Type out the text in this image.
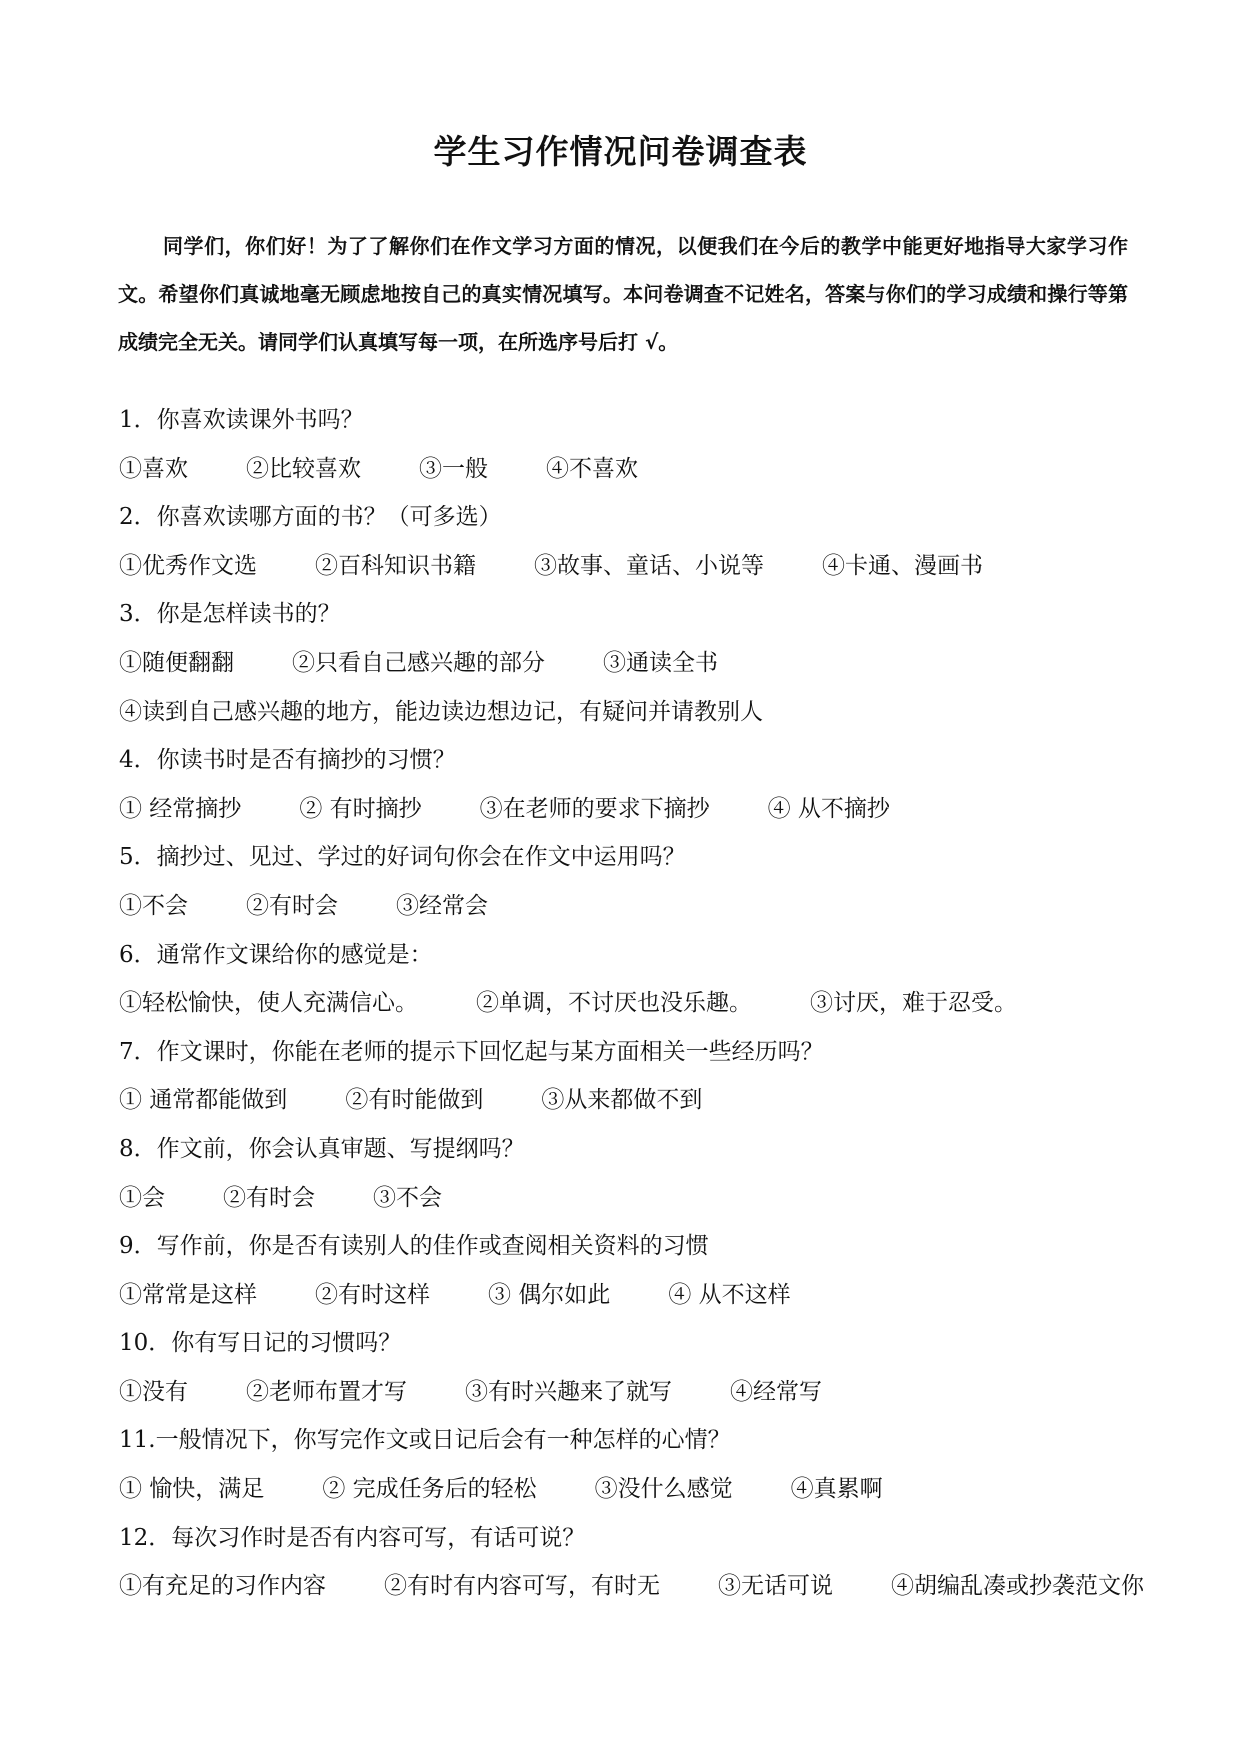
学生习作情况问卷调查表
同学们，你们好！为了了解你们在作文学习方面的情况，以便我们在今后的教学中能更好地指导大家学习作文。希望你们真诚地毫无顾虑地按自己的真实情况填写。本问卷调查不记姓名，答案与你们的学习成绩和操行等第成绩完全无关。请同学们认真填写每一项，在所选序号后打 √。
1．你喜欢读课外书吗？
①喜欢	②比较喜欢	③一般	④不喜欢
2．你喜欢读哪方面的书？（可多选）
①优秀作文选	②百科知识书籍	③故事、童话、小说等	④卡通、漫画书
3．你是怎样读书的？
①随便翻翻	②只看自己感兴趣的部分	③通读全书
④读到自己感兴趣的地方，能边读边想边记，有疑问并请教别人
4．你读书时是否有摘抄的习惯？
① 经常摘抄	② 有时摘抄	③在老师的要求下摘抄	④ 从不摘抄
5．摘抄过、见过、学过的好词句你会在作文中运用吗？
①不会	②有时会	③经常会
6．通常作文课给你的感觉是：
①轻松愉快，使人充满信心。	②单调，不讨厌也没乐趣。	③讨厌，难于忍受。
7．作文课时，你能在老师的提示下回忆起与某方面相关一些经历吗？
① 通常都能做到	②有时能做到	③从来都做不到
8．作文前，你会认真审题、写提纲吗？
①会	②有时会	③不会
9．写作前，你是否有读别人的佳作或查阅相关资料的习惯
①常常是这样	②有时这样	③ 偶尔如此	④ 从不这样
10．你有写日记的习惯吗？
①没有	②老师布置才写	③有时兴趣来了就写	④经常写
11.一般情况下，你写完作文或日记后会有一种怎样的心情？
① 愉快，满足	② 完成任务后的轻松	③没什么感觉	④真累啊
12．每次习作时是否有内容可写，有话可说？
①有充足的习作内容	②有时有内容可写，有时无	③无话可说	④胡编乱凑或抄袭范文你
